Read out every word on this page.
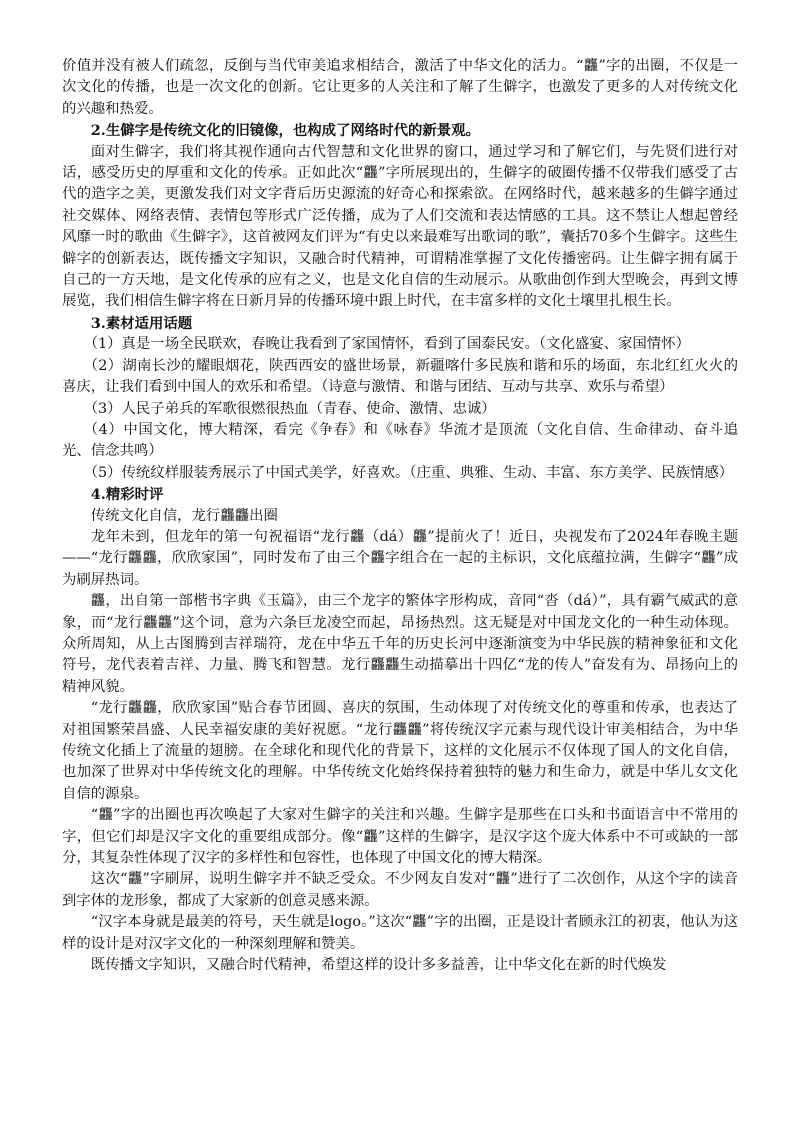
价值并没有被人们疏忽，反倒与当代审美追求相结合，激活了中华文化的活力。“龘”字的出圈，不仅是一次文化的传播，也是一次文化的创新。它让更多的人关注和了解了生僻字，也激发了更多的人对传统文化的兴趣和热爱。

2.生僻字是传统文化的旧镜像，也构成了网络时代的新景观。

面对生僻字，我们将其视作通向古代智慧和文化世界的窗口，通过学习和了解它们，与先贤们进行对话，感受历史的厚重和文化的传承。正如此次“龘”字所展现出的，生僻字的破圈传播不仅带我们感受了古代的造字之美，更激发我们对文字背后历史源流的好奇心和探索欲。在网络时代，越来越多的生僻字通过社交媒体、网络表情、表情包等形式广泛传播，成为了人们交流和表达情感的工具。这不禁让人想起曾经风靡一时的歌曲《生僻字》，这首被网友们评为“有史以来最难写出歌词的歌”，囊括70多个生僻字。这些生僻字的创新表达，既传播文字知识，又融合时代精神，可谓精准掌握了文化传播密码。让生僻字拥有属于自己的一方天地，是文化传承的应有之义，也是文化自信的生动展示。从歌曲创作到大型晚会，再到文博展览，我们相信生僻字将在日新月异的传播环境中跟上时代，在丰富多样的文化土壤里扎根生长。

3.素材适用话题

（1）真是一场全民联欢，春晚让我看到了家国情怀，看到了国泰民安。（文化盛宴、家国情怀）

（2）湖南长沙的耀眼烟花，陕西西安的盛世场景，新疆喀什多民族和谐和乐的场面，东北红红火火的喜庆，让我们看到中国人的欢乐和希望。（诗意与激情、和谐与团结、互动与共享、欢乐与希望）

（3）人民子弟兵的军歌很燃很热血（青春、使命、激情、忠诚）

（4）中国文化，博大精深，看完《争春》和《咏春》华流才是顶流（文化自信、生命律动、奋斗追光、信念共鸣）

（5）传统纹样服装秀展示了中国式美学，好喜欢。（庄重、典雅、生动、丰富、东方美学、民族情感）

4.精彩时评

传统文化自信，龙行龘龘出圈

龙年未到，但龙年的第一句祝福语“龙行龘（dá）龘”提前火了！近日，央视发布了2024年春晚主题——“龙行龘龘，欣欣家国”，同时发布了由三个龘字组合在一起的主标识，文化底蕴拉满，生僻字“龘”成为刷屏热词。

龘，出自第一部楷书字典《玉篇》，由三个龙字的繁体字形构成，音同“沓（dá）”，具有霸气威武的意象，而“龙行龘龘”这个词，意为六条巨龙凌空而起，昂扬热烈。这无疑是对中国龙文化的一种生动体现。众所周知，从上古图腾到吉祥瑞符，龙在中华五千年的历史长河中逐渐演变为中华民族的精神象征和文化符号，龙代表着吉祥、力量、腾飞和智慧。龙行龘龘生动描摹出十四亿“龙的传人”奋发有为、昂扬向上的精神风貌。

“龙行龘龘，欣欣家国”贴合春节团圆、喜庆的氛围，生动体现了对传统文化的尊重和传承，也表达了对祖国繁荣昌盛、人民幸福安康的美好祝愿。“龙行龘龘”将传统汉字元素与现代设计审美相结合，为中华传统文化插上了流量的翅膀。在全球化和现代化的背景下，这样的文化展示不仅体现了国人的文化自信，也加深了世界对中华传统文化的理解。中华传统文化始终保持着独特的魅力和生命力，就是中华儿女文化自信的源泉。

“龘”字的出圈也再次唤起了大家对生僻字的关注和兴趣。生僻字是那些在口头和书面语言中不常用的字，但它们却是汉字文化的重要组成部分。像“龘”这样的生僻字，是汉字这个庞大体系中不可或缺的一部分，其复杂性体现了汉字的多样性和包容性，也体现了中国文化的博大精深。

这次“龘”字刷屏，说明生僻字并不缺乏受众。不少网友自发对“龘”进行了二次创作，从这个字的读音到字体的龙形象，都成了大家新的创意灵感来源。

“汉字本身就是最美的符号，天生就是logo。”这次“龘”字的出圈，正是设计者顾永江的初衷，他认为这样的设计是对汉字文化的一种深刻理解和赞美。

既传播文字知识，又融合时代精神，希望这样的设计多多益善，让中华文化在新的时代焕发
